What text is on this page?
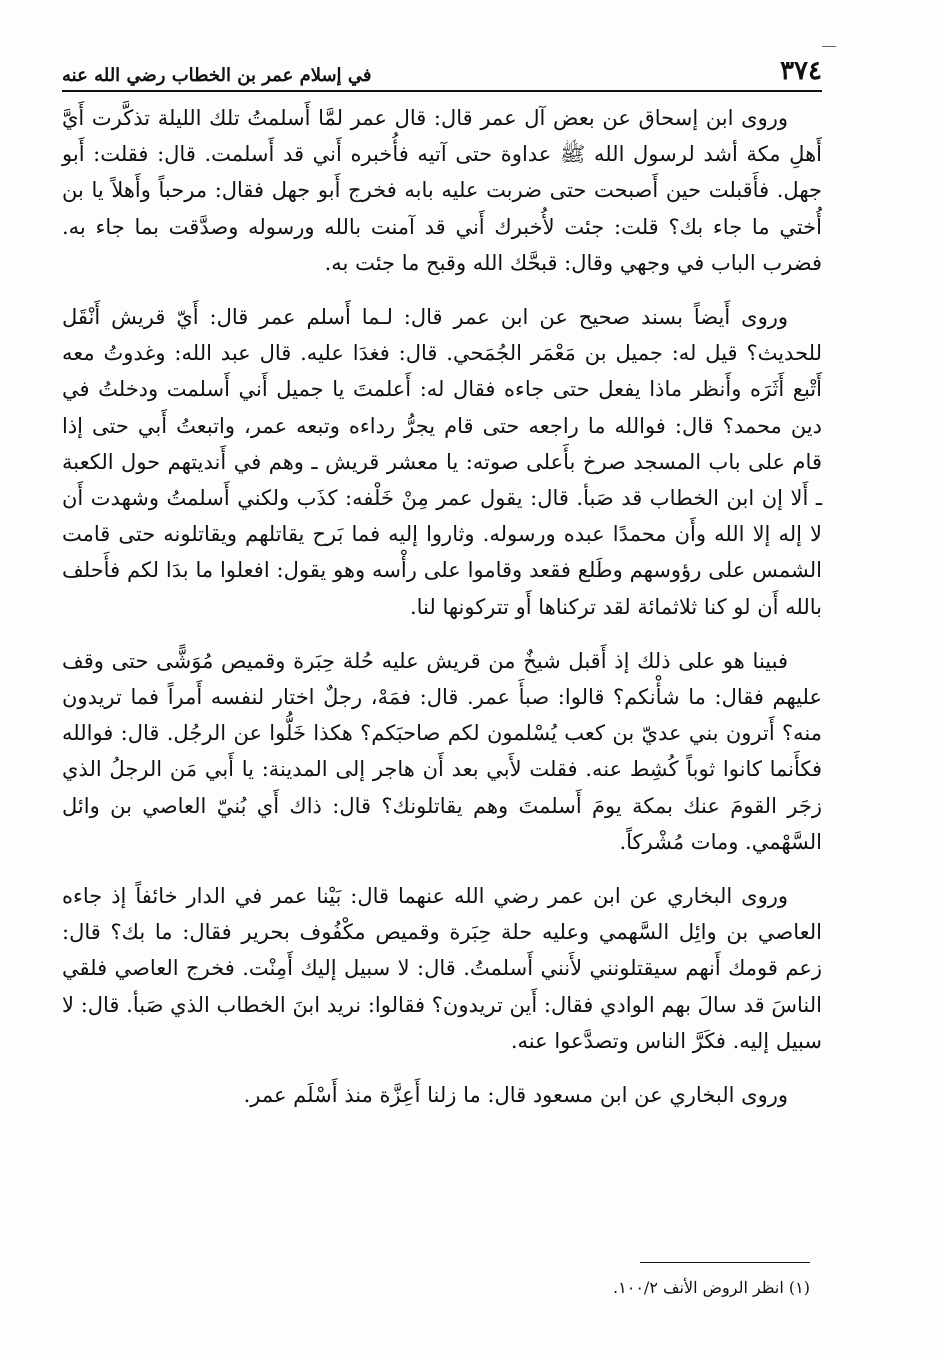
٣٧٤
في إسلام عمر بن الخطاب رضي الله عنه

وروى ابن إسحاق عن بعض آل عمر قال: قال عمر لمَّا أَسلمتُ تلك الليلة تذكَّرت أَيَّ أَهلِ مكة أشد لرسول الله ﷺ عداوة حتى آتيه فأُخبره أَني قد أَسلمت. قال: فقلت: أَبو جهل. فأَقبلت حين أَصبحت حتى ضربت عليه بابه فخرج أَبو جهل فقال: مرحباً وأَهلاً يا بن أُختي ما جاء بك؟ قلت: جئت لأُخبرك أَني قد آمنت بالله ورسوله وصدَّقت بما جاء به. فضرب الباب في وجهي وقال: قبحَّك الله وقبح ما جئت به.

وروى أَيضاً بسند صحيح عن ابن عمر قال: لـما أَسلم عمر قال: أَيّ قريش أَنْقَل للحديث؟ قيل له: جميل بن مَعْمَر الجُمَحي. قال: فغدَا عليه. قال عبد الله: وغدوتُ معه أَتْبع أَثَرَه وأَنظر ماذا يفعل حتى جاءه فقال له: أَعلمتَ يا جميل أَني أَسلمت ودخلتُ في دين محمد؟ قال: فوالله ما راجعه حتى قام يجرُّ رداءه وتبعه عمر، واتبعتُ أَبي حتى إذا قام على باب المسجد صرخ بأَعلى صوته: يا معشر قريش ـ وهم في أَنديتهم حول الكعبة ـ أَلا إن ابن الخطاب قد صَبأ. قال: يقول عمر مِنْ خَلْفه: كذَب ولكني أَسلمتُ وشهدت أَن لا إله إلا الله وأَن محمدًا عبده ورسوله. وثاروا إليه فما بَرح يقاتلهم ويقاتلونه حتى قامت الشمس على رؤوسهم وطَلع فقعد وقاموا على رأْسه وهو يقول: افعلوا ما بدَا لكم فأَحلف بالله أَن لو كنا ثلاثمائة لقد تركناها أَو تتركونها لنا.

فبينا هو على ذلك إذ أَقبل شيخٌ من قريش عليه حُلة حِبَرة وقميص مُوَشًّى حتى وقف عليهم فقال: ما شأْنكم؟ قالوا: صبأَ عمر. قال: فمَهْ، رجلٌ اختار لنفسه أَمراً فما تريدون منه؟ أَترون بني عديّ بن كعب يُسْلمون لكم صاحبَكم؟ هكذا خَلُّوا عن الرجُل. قال: فوالله فكأَنما كانوا ثوباً كُشِط عنه. فقلت لأَبي بعد أَن هاجر إلى المدينة: يا أَبي مَن الرجلُ الذي زجَر القومَ عنك بمكة يومَ أَسلمتَ وهم يقاتلونك؟ قال: ذاك أَي بُنيّ العاصي بن وائل السَّهْمي. ومات مُشْركاً.

وروى البخاري عن ابن عمر رضي الله عنهما قال: بَيْنا عمر في الدار خائفاً إذ جاءه العاصي بن وائِل السَّهمي وعليه حلة حِبَرة وقميص مكْفُوف بحرير فقال: ما بك؟ قال: زعم قومك أَنهم سيقتلونني لأَنني أَسلمتُ. قال: لا سبيل إليك أَمِنْت. فخرج العاصي فلقي الناسَ قد سالَ بهم الوادي فقال: أَين تريدون؟ فقالوا: نريد ابنَ الخطاب الذي صَبأ. قال: لا سبيل إليه. فكَرَّ الناس وتصدَّعوا عنه.

وروى البخاري عن ابن مسعود قال: ما زلنا أَعِزَّة منذ أَسْلَم عمر.

(١) انظر الروض الأنف ١٠٠/٢.
